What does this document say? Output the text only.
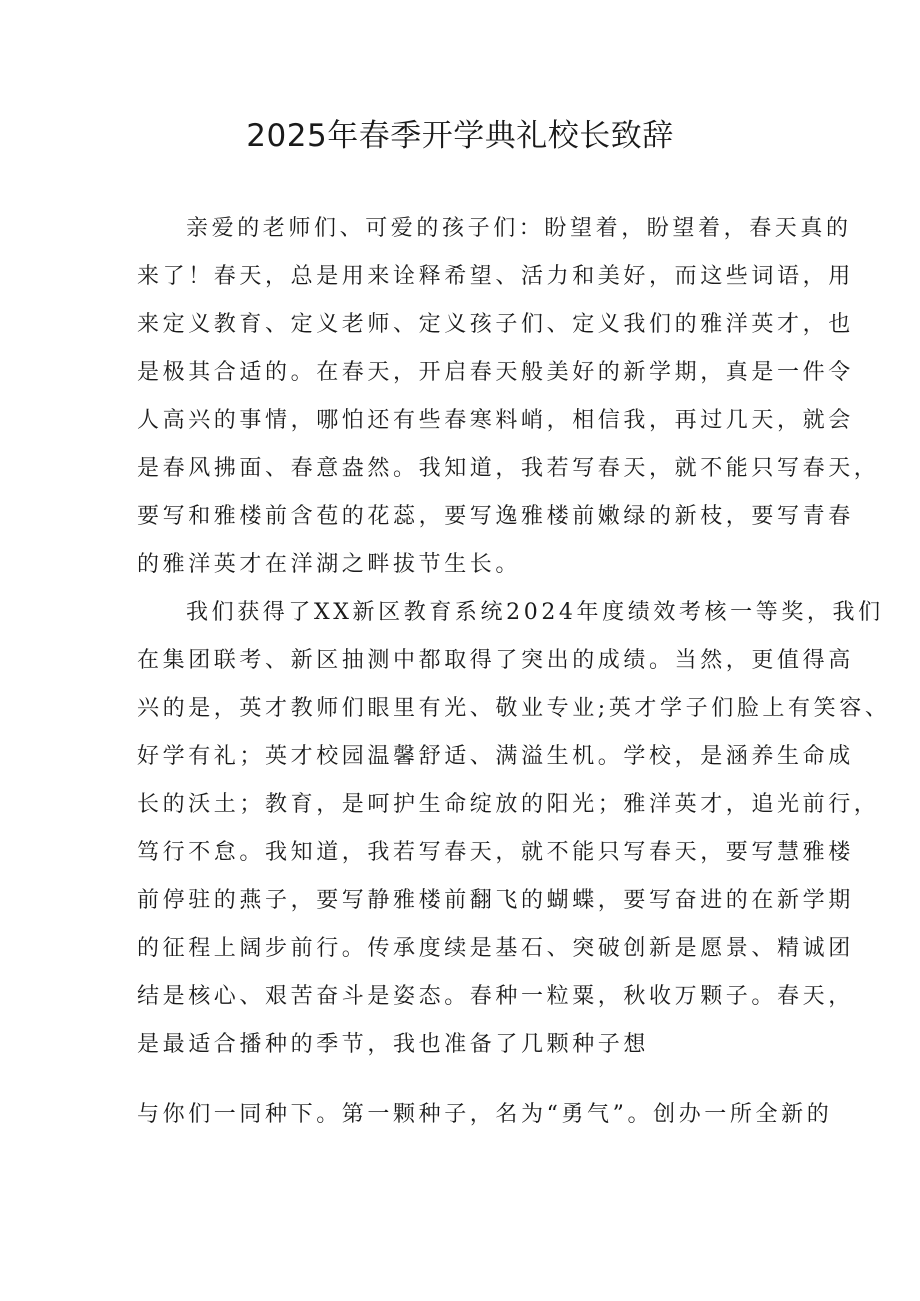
2025年春季开学典礼校长致辞

亲爱的老师们、可爱的孩子们：盼望着，盼望着，春天真的

来了！春天，总是用来诠释希望、活力和美好，而这些词语，用

来定义教育、定义老师、定义孩子们、定义我们的雅洋英才，也

是极其合适的。在春天，开启春天般美好的新学期，真是一件令

人高兴的事情，哪怕还有些春寒料峭，相信我，再过几天，就会

是春风拂面、春意盎然。我知道，我若写春天，就不能只写春天，

要写和雅楼前含苞的花蕊，要写逸雅楼前嫩绿的新枝，要写青春

的雅洋英才在洋湖之畔拔节生长。

我们获得了XX新区教育系统2024年度绩效考核一等奖，我们

在集团联考、新区抽测中都取得了突出的成绩。当然，更值得高

兴的是，英才教师们眼里有光、敬业专业;英才学子们脸上有笑容、

好学有礼；英才校园温馨舒适、满溢生机。学校，是涵养生命成

长的沃土；教育，是呵护生命绽放的阳光；雅洋英才，追光前行，

笃行不怠。我知道，我若写春天，就不能只写春天，要写慧雅楼

前停驻的燕子，要写静雅楼前翻飞的蝴蝶，要写奋进的在新学期

的征程上阔步前行。传承度续是基石、突破创新是愿景、精诚团

结是核心、艰苦奋斗是姿态。春种一粒粟，秋收万颗子。春天，

是最适合播种的季节，我也准备了几颗种子想

与你们一同种下。第一颗种子，名为“勇气”。创办一所全新的
